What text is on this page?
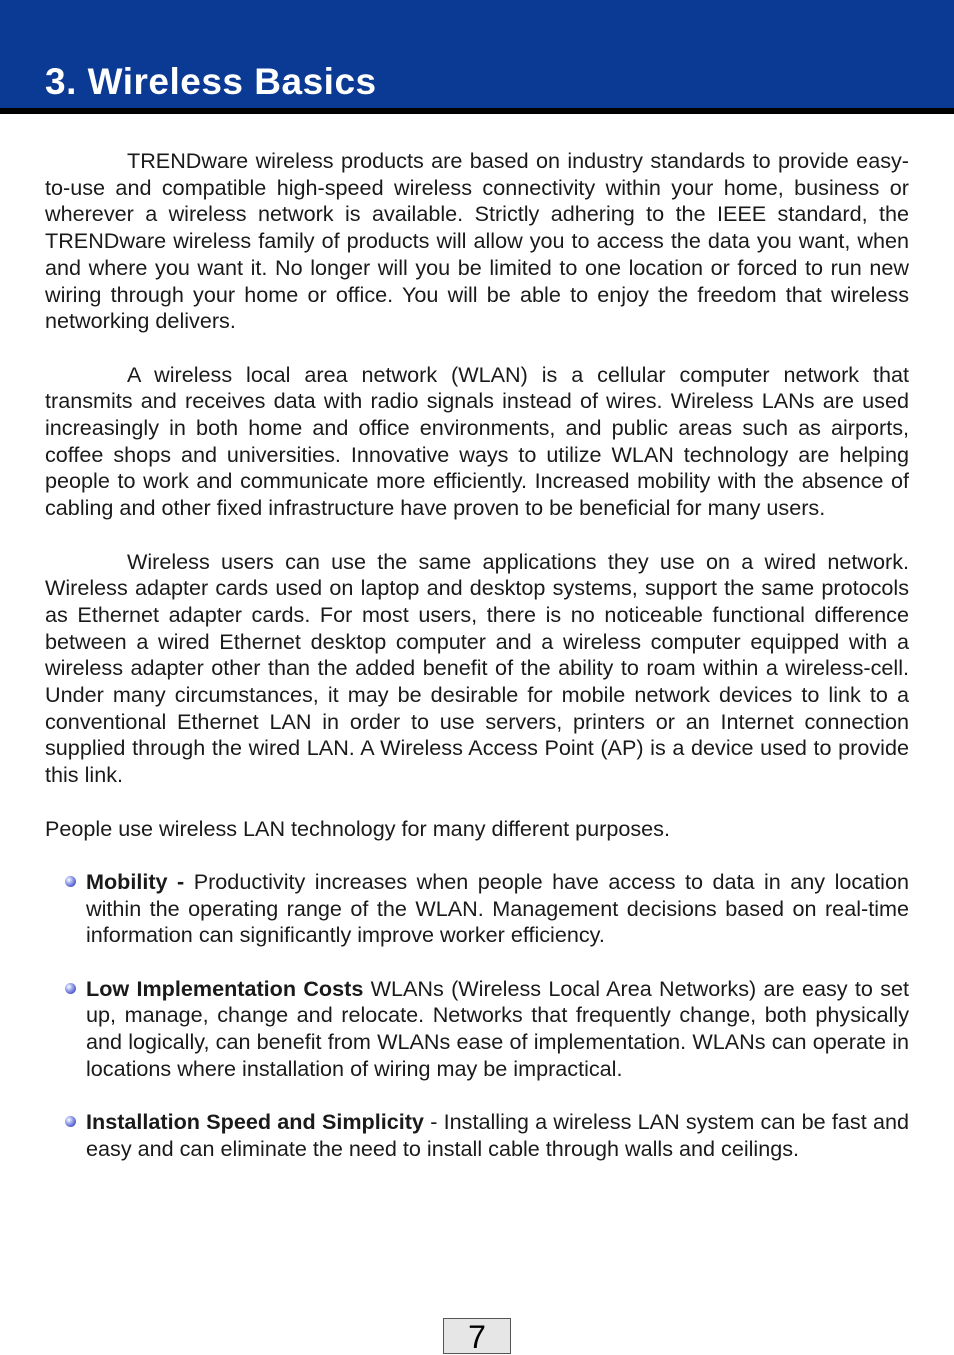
3. Wireless Basics

TRENDware wireless products are based on industry standards to provide easy-to-use and compatible high-speed wireless connectivity within your home, business or wherever a wireless network is available. Strictly adhering to the IEEE standard, the TRENDware wireless family of products will allow you to access the data you want, when and where you want it. No longer will you be limited to one location or forced to run new wiring through your home or office. You will be able to enjoy the freedom that wireless networking delivers.

A wireless local area network (WLAN) is a cellular computer network that transmits and receives data with radio signals instead of wires. Wireless LANs are used increasingly in both home and office environments, and public areas such as airports, coffee shops and universities. Innovative ways to utilize WLAN technology are helping people to work and communicate more efficiently. Increased mobility with the absence of cabling and other fixed infrastructure have proven to be beneficial for many users.

Wireless users can use the same applications they use on a wired network. Wireless adapter cards used on laptop and desktop systems, support the same protocols as Ethernet adapter cards. For most users, there is no noticeable functional difference between a wired Ethernet desktop computer and a wireless computer equipped with a wireless adapter other than the added benefit of the ability to roam within a wireless-cell. Under many circumstances, it may be desirable for mobile network devices to link to a conventional Ethernet LAN in order to use servers, printers or an Internet connection supplied through the wired LAN. A Wireless Access Point (AP) is a device used to provide this link.

People use wireless LAN technology for many different purposes.

Mobility - Productivity increases when people have access to data in any location within the operating range of the WLAN. Management decisions based on real-time information can significantly improve worker efficiency.
Low Implementation Costs WLANs (Wireless Local Area Networks) are easy to set up, manage, change and relocate. Networks that frequently change, both physically and logically, can benefit from WLANs ease of implementation. WLANs can operate in locations where installation of wiring may be impractical.
Installation Speed and Simplicity - Installing a wireless LAN system can be fast and easy and can eliminate the need to install cable through walls and ceilings.
7
